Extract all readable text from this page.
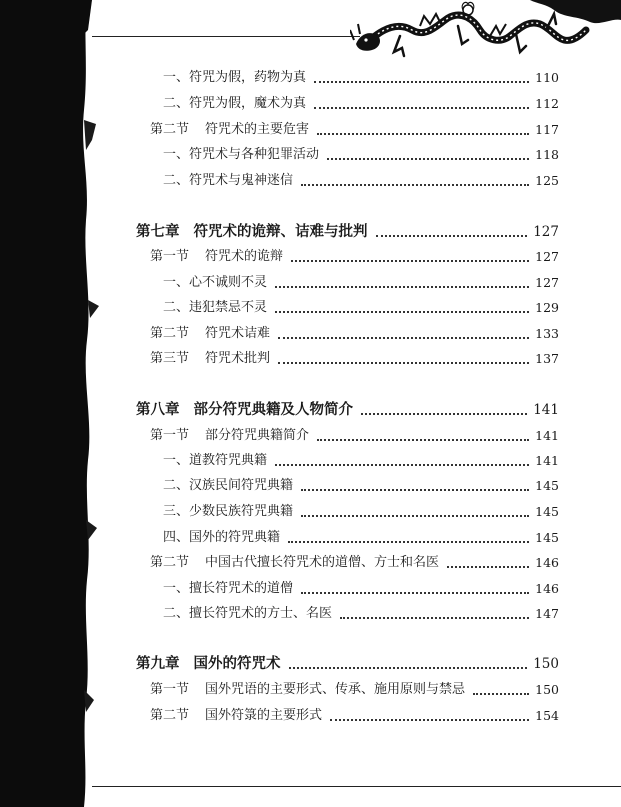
一、符咒为假，药物为真	110
二、符咒为假，魔术为真	112
第二节 符咒术的主要危害	117
一、符咒术与各种犯罪活动	118
二、符咒术与鬼神迷信	125
第七章 符咒术的诡辩、诘难与批判	127
第一节 符咒术的诡辩	127
一、心不诚则不灵	127
二、违犯禁忌不灵	129
第二节 符咒术诘难	133
第三节 符咒术批判	137
第八章 部分符咒典籍及人物简介	141
第一节 部分符咒典籍简介	141
一、道教符咒典籍	141
二、汉族民间符咒典籍	145
三、少数民族符咒典籍	145
四、国外的符咒典籍	145
第二节 中国古代擅长符咒术的道僧、方士和名医	146
一、擅长符咒术的道僧	146
二、擅长符咒术的方士、名医	147
第九章 国外的符咒术	150
第一节 国外咒语的主要形式、传承、施用原则与禁忌	150
第二节 国外符箓的主要形式	154
